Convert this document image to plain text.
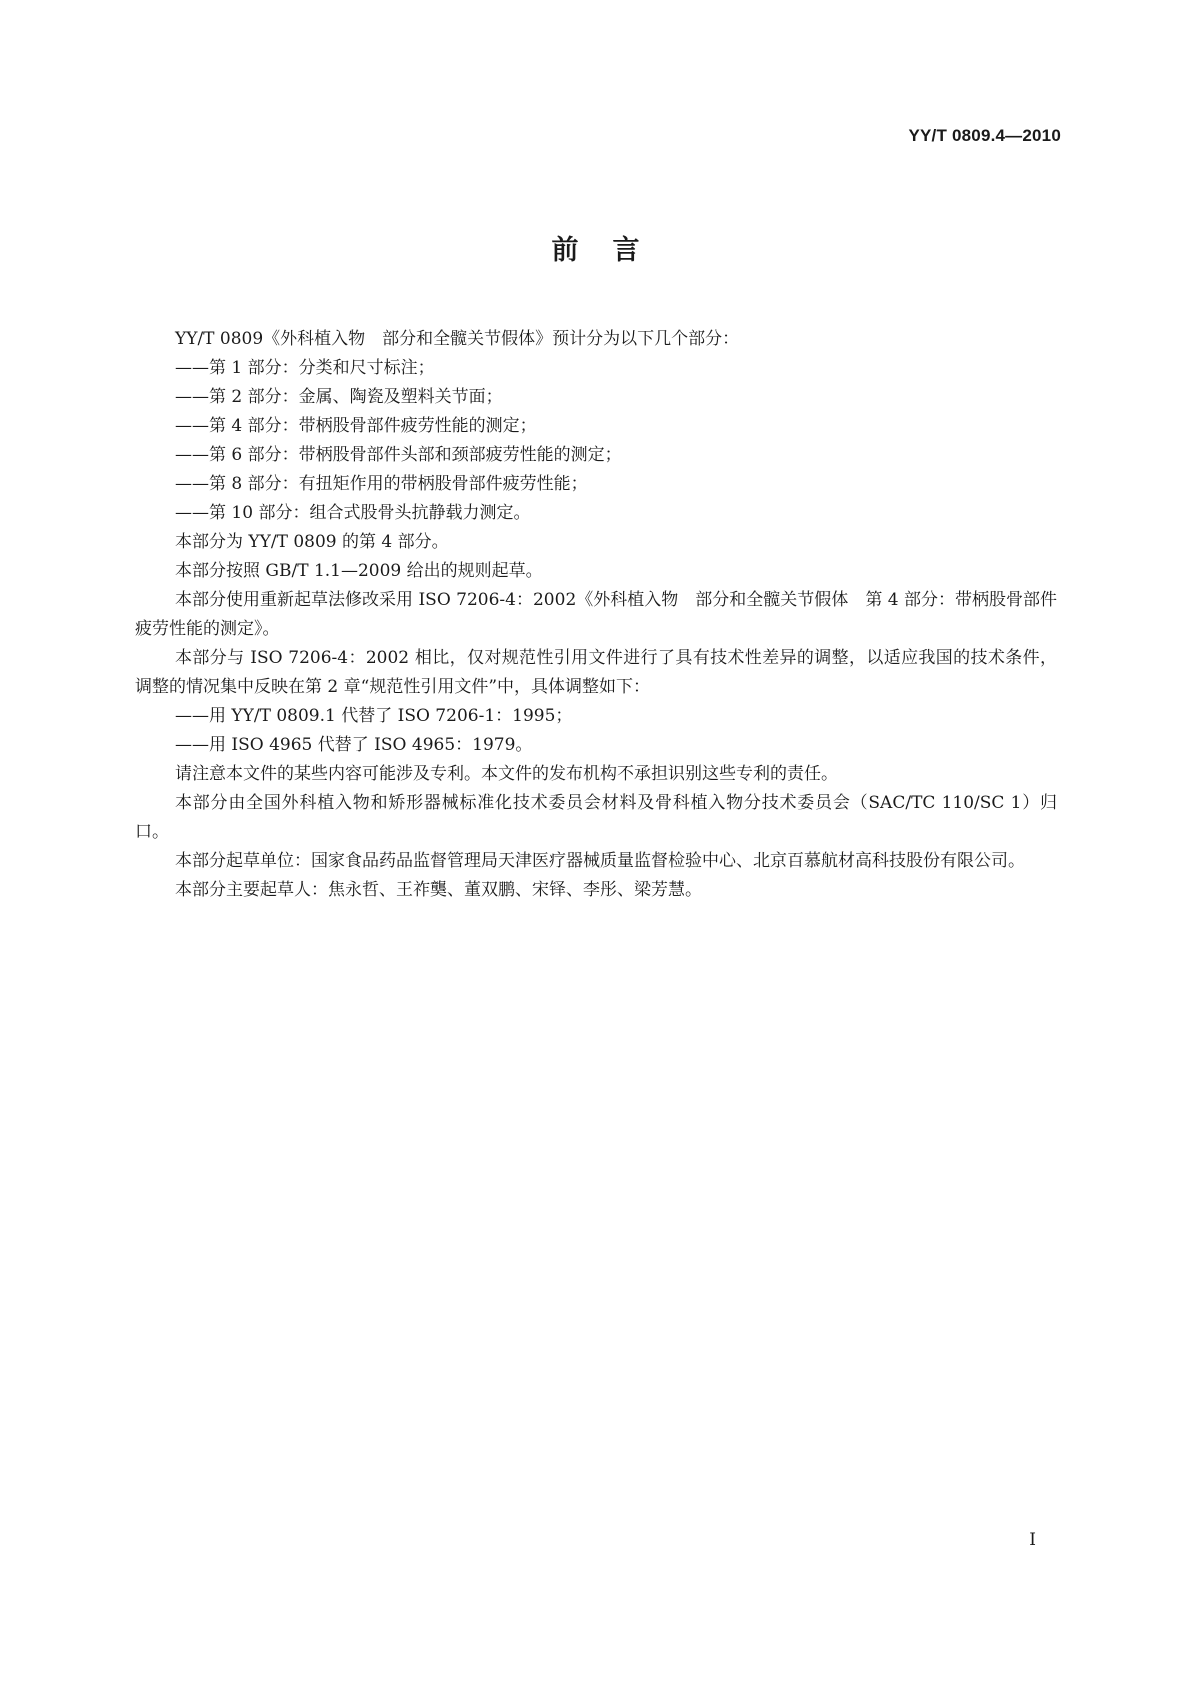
YY/T 0809.4—2010

前言

YY/T 0809《外科植入物　部分和全髋关节假体》预计分为以下几个部分：

——第 1 部分：分类和尺寸标注；

——第 2 部分：金属、陶瓷及塑料关节面；

——第 4 部分：带柄股骨部件疲劳性能的测定；

——第 6 部分：带柄股骨部件头部和颈部疲劳性能的测定；

——第 8 部分：有扭矩作用的带柄股骨部件疲劳性能；

——第 10 部分：组合式股骨头抗静载力测定。

本部分为 YY/T 0809 的第 4 部分。

本部分按照 GB/T 1.1—2009 给出的规则起草。

本部分使用重新起草法修改采用 ISO 7206-4：2002《外科植入物　部分和全髋关节假体　第 4 部分：带柄股骨部件疲劳性能的测定》。

本部分与 ISO 7206-4：2002 相比，仅对规范性引用文件进行了具有技术性差异的调整，以适应我国的技术条件，调整的情况集中反映在第 2 章“规范性引用文件”中，具体调整如下：

——用 YY/T 0809.1 代替了 ISO 7206-1：1995；

——用 ISO 4965 代替了 ISO 4965：1979。

请注意本文件的某些内容可能涉及专利。本文件的发布机构不承担识别这些专利的责任。

本部分由全国外科植入物和矫形器械标准化技术委员会材料及骨科植入物分技术委员会（SAC/TC 110/SC 1）归口。

本部分起草单位：国家食品药品监督管理局天津医疗器械质量监督检验中心、北京百慕航材高科技股份有限公司。

本部分主要起草人：焦永哲、王祚龑、董双鹏、宋铎、李彤、梁芳慧。

I
